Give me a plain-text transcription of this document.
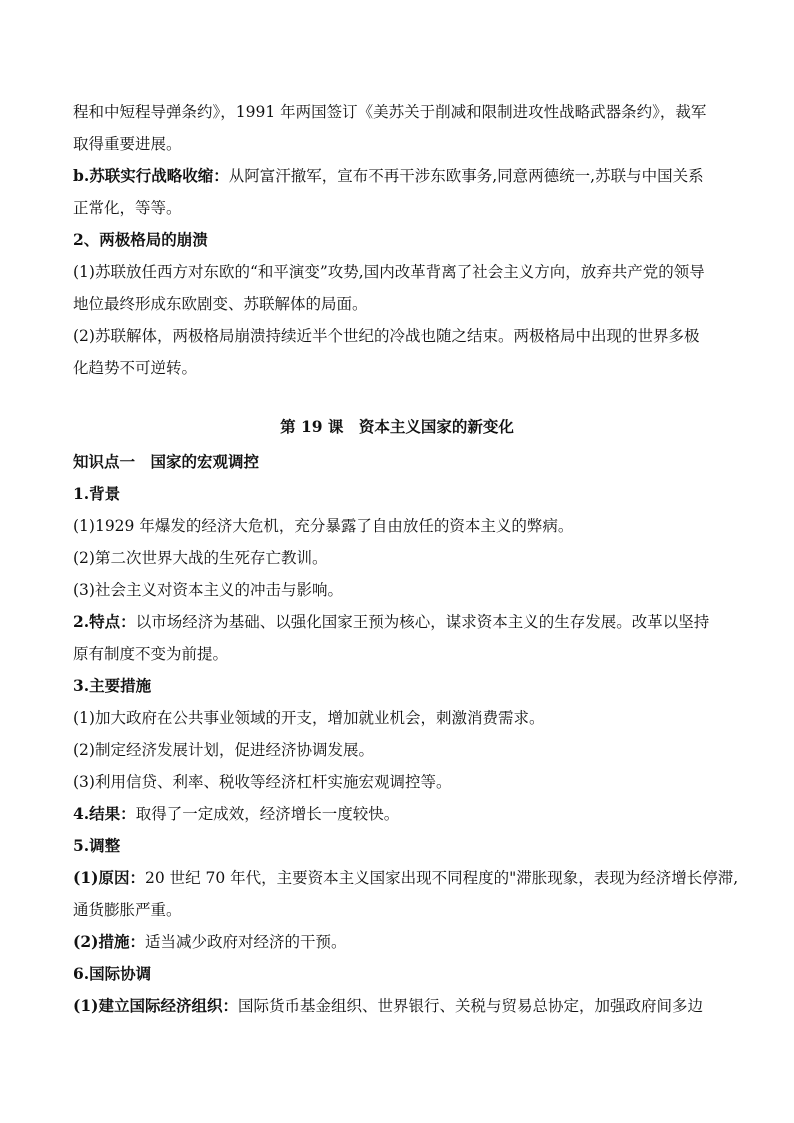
程和中短程导弹条约》，1991 年两国签订《美苏关于削减和限制进攻性战略武器条约》，裁军
取得重要进展。
b.苏联实行战略收缩：从阿富汗撤军，宣布不再干涉东欧事务,同意两德统一,苏联与中国关系
正常化，等等。
2、两极格局的崩溃
(1)苏联放任西方对东欧的“和平演变”攻势,国内改革背离了社会主义方向，放弃共产党的领导
地位最终形成东欧剧变、苏联解体的局面。
(2)苏联解体，两极格局崩溃持续近半个世纪的冷战也随之结束。两极格局中出现的世界多极
化趋势不可逆转。
第 19 课　资本主义国家的新变化
知识点一　国家的宏观调控
1.背景
(1)1929 年爆发的经济大危机，充分暴露了自由放任的资本主义的弊病。
(2)第二次世界大战的生死存亡教训。
(3)社会主义对资本主义的冲击与影响。
2.特点：以市场经济为基础、以强化国家王预为核心，谋求资本主义的生存发展。改革以坚持
原有制度不变为前提。
3.主要措施
(1)加大政府在公共事业领域的开支，增加就业机会，刺激消费需求。
(2)制定经济发展计划，促进经济协调发展。
(3)利用信贷、利率、税收等经济杠杆实施宏观调控等。
4.结果：取得了一定成效，经济增长一度较快。
5.调整
(1)原因：20 世纪 70 年代，主要资本主义国家出现不同程度的"滞胀现象，表现为经济增长停滞,
通货膨胀严重。
(2)措施：适当减少政府对经济的干预。
6.国际协调
(1)建立国际经济组织：国际货币基金组织、世界银行、关税与贸易总协定，加强政府间多边
